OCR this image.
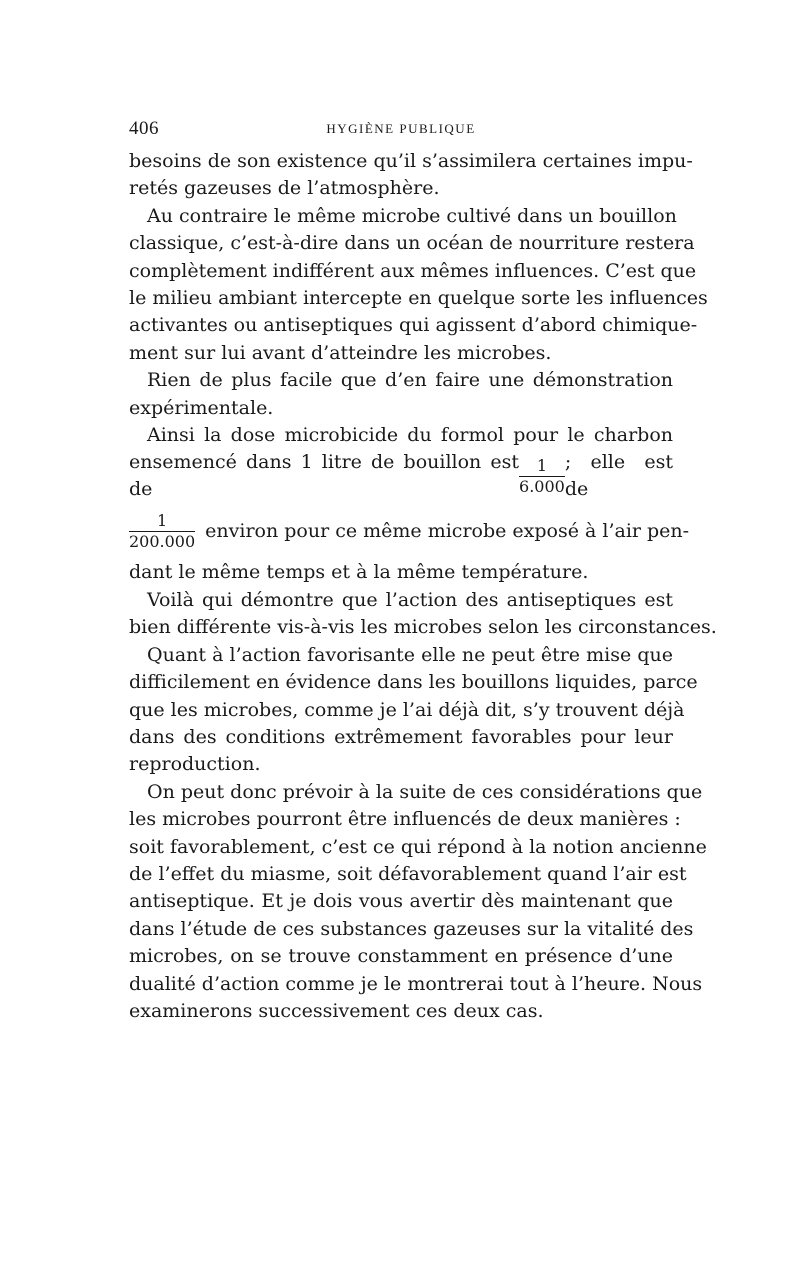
406	HYGIÈNE PUBLIQUE
besoins de son existence qu’il s’assimilera certaines impu-
retés gazeuses de l’atmosphère.
Au contraire le même microbe cultivé dans un bouillon
classique, c’est-à-dire dans un océan de nourriture restera
complètement indifférent aux mêmes influences. C’est que
le milieu ambiant intercepte en quelque sorte les influences
activantes ou antiseptiques qui agissent d’abord chimique-
ment sur lui avant d’atteindre les microbes.
Rien de plus facile que d’en faire une démonstration
expérimentale.
Ainsi la dose microbicide du formol pour le charbon
ensemencé dans 1 litre de bouillon est de	$\frac{1}{6.000}$ ; elle est de
$\frac{1}{200.000}$ environ pour ce même microbe exposé à l’air pen-
dant le même temps et à la même température.
Voilà qui démontre que l’action des antiseptiques est
bien différente vis-à-vis les microbes selon les circonstances.
Quant à l’action favorisante elle ne peut être mise que
difficilement en évidence dans les bouillons liquides, parce
que les microbes, comme je l’ai déjà dit, s’y trouvent déjà
dans des conditions extrêmement favorables pour leur
reproduction.
On peut donc prévoir à la suite de ces considérations que
les microbes pourront être influencés de deux manières :
soit favorablement, c’est ce qui répond à la notion ancienne
de l’effet du miasme, soit défavorablement quand l’air est
antiseptique. Et je dois vous avertir dès maintenant que
dans l’étude de ces substances gazeuses sur la vitalité des
microbes, on se trouve constamment en présence d’une
dualité d’action comme je le montrerai tout à l’heure. Nous
examinerons successivement ces deux cas.
